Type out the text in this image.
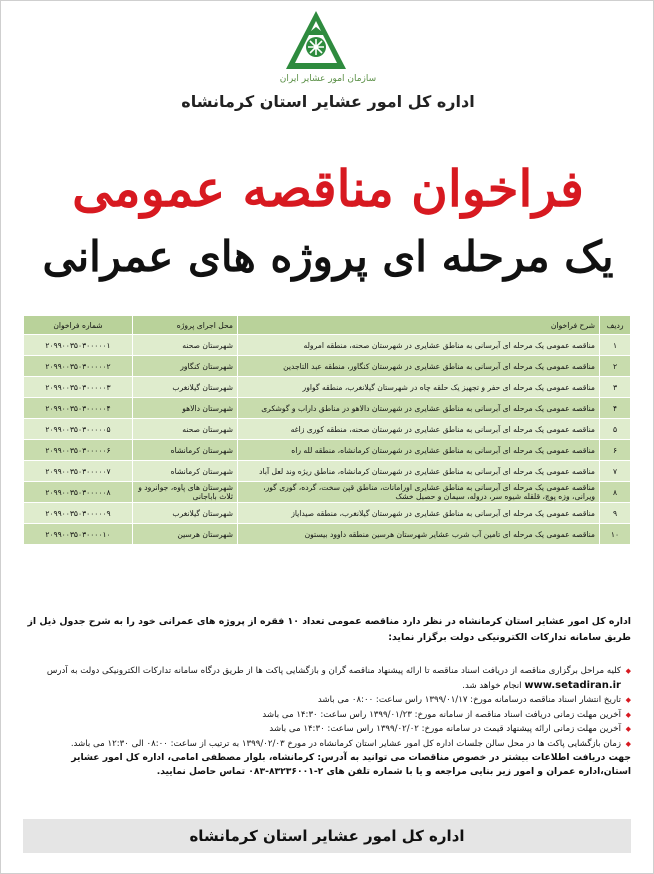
سازمان امور عشایر ایران
اداره کل امور عشایر استان کرمانشاه
فراخوان مناقصه عمومی
یک مرحله ای پروژه های عمرانی
ردیف	شرح فراخوان	محل اجرای پروژه	شماره فراخوان
۱	مناقصه عمومی یک مرحله ای آبرسانی به مناطق عشایری در شهرستان صحنه، منطقه امروله	شهرستان صحنه	۲۰۹۹۰۰۳۵۰۳۰۰۰۰۰۱
۲	مناقصه عمومی یک مرحله ای آبرسانی به مناطق عشایری در شهرستان کنگاور، منطقه عبد التاجدین	شهرستان کنگاور	۲۰۹۹۰۰۳۵۰۳۰۰۰۰۰۲
۳	مناقصه عمومی یک مرحله ای حفر و تجهیز یک حلقه چاه در شهرستان گیلانغرب، منطقه گواور	شهرستان گیلانغرب	۲۰۹۹۰۰۳۵۰۳۰۰۰۰۰۳
۴	مناقصه عمومی یک مرحله ای آبرسانی به مناطق عشایری در شهرستان دالاهو در مناطق داراب و گوشکری	شهرستان دالاهو	۲۰۹۹۰۰۳۵۰۳۰۰۰۰۰۴
۵	مناقصه عمومی یک مرحله ای آبرسانی به مناطق عشایری در شهرستان صحنه، منطقه کوری زاغه	شهرستان صحنه	۲۰۹۹۰۰۳۵۰۳۰۰۰۰۰۵
۶	مناقصه عمومی یک مرحله ای آبرسانی به مناطق عشایری در شهرستان کرمانشاه، منطقه لله راه	شهرستان کرمانشاه	۲۰۹۹۰۰۳۵۰۳۰۰۰۰۰۶
۷	مناقصه عمومی یک مرحله ای آبرسانی به مناطق عشایری در شهرستان کرمانشاه، مناطق ریژه وند لعل آباد	شهرستان کرمانشاه	۲۰۹۹۰۰۳۵۰۳۰۰۰۰۰۷
۸	مناقصه عمومی یک مرحله ای آبرسانی به مناطق عشایری اورامانات، مناطق قپن سخت، گرده، گوری گور، ویرانی، وزه پوچ، قلقله شیوه سر، دروله، سیمان و حصیل خشک	شهرستان های پاوه، جوانرود و ثلاث باباجانی	۲۰۹۹۰۰۳۵۰۳۰۰۰۰۰۸
۹	مناقصه عمومی یک مرحله ای آبرسانی به مناطق عشایری در شهرستان گیلانغرب، منطقه صیدایاز	شهرستان گیلانغرب	۲۰۹۹۰۰۳۵۰۳۰۰۰۰۰۹
۱۰	مناقصه عمومی یک مرحله ای تامین آب شرب عشایر شهرستان هرسین منطقه داوود بیستون	شهرستان هرسین	۲۰۹۹۰۰۳۵۰۳۰۰۰۰۱۰
اداره کل امور عشایر استان کرمانشاه در نظر دارد مناقصه عمومی تعداد ۱۰ فقره از پروژه های عمرانی خود را به شرح جدول ذیل از طریق سامانه تدارکات الکترونیکی دولت برگزار نماید:
◆ کلیه مراحل برگزاری مناقصه از دریافت اسناد مناقصه تا ارائه پیشنهاد مناقصه گران و بازگشایی پاکت ها از طریق درگاه سامانه تدارکات الکترونیکی دولت به آدرس www.setadiran.ir انجام خواهد شد.
◆ تاریخ انتشار اسناد مناقصه درسامانه مورخ: ۱۳۹۹/۰۱/۱۷ راس ساعت: ۰۸:۰۰ می باشد
◆ آخرین مهلت زمانی دریافت اسناد مناقصه از سامانه مورخ: ۱۳۹۹/۰۱/۲۳ راس ساعت: ۱۴:۳۰ می باشد
◆ آخرین مهلت زمانی ارائه پیشنهاد قیمت در سامانه مورخ: ۱۳۹۹/۰۲/۰۲ راس ساعت: ۱۴:۳۰ می باشد
◆ زمان بازگشایی پاکت ها در محل سالن جلسات اداره کل امور عشایر استان کرمانشاه در مورخ ۱۳۹۹/۰۲/۰۳ به ترتیب از ساعت: ۰۸:۰۰ الی ۱۲:۳۰ می باشد.
جهت دریافت اطلاعات بیشتر در خصوص مناقصات می توانید به آدرس: کرمانشاه، بلوار مصطفی امامی، اداره کل امور عشایر استان،اداره عمران و امور زیر بنایی مراجعه و یا با شماره تلفن های ۲-۸۳۲۳۶۰۰۱-۰۸۳ تماس حاصل نمایید.
اداره کل امور عشایر استان کرمانشاه
